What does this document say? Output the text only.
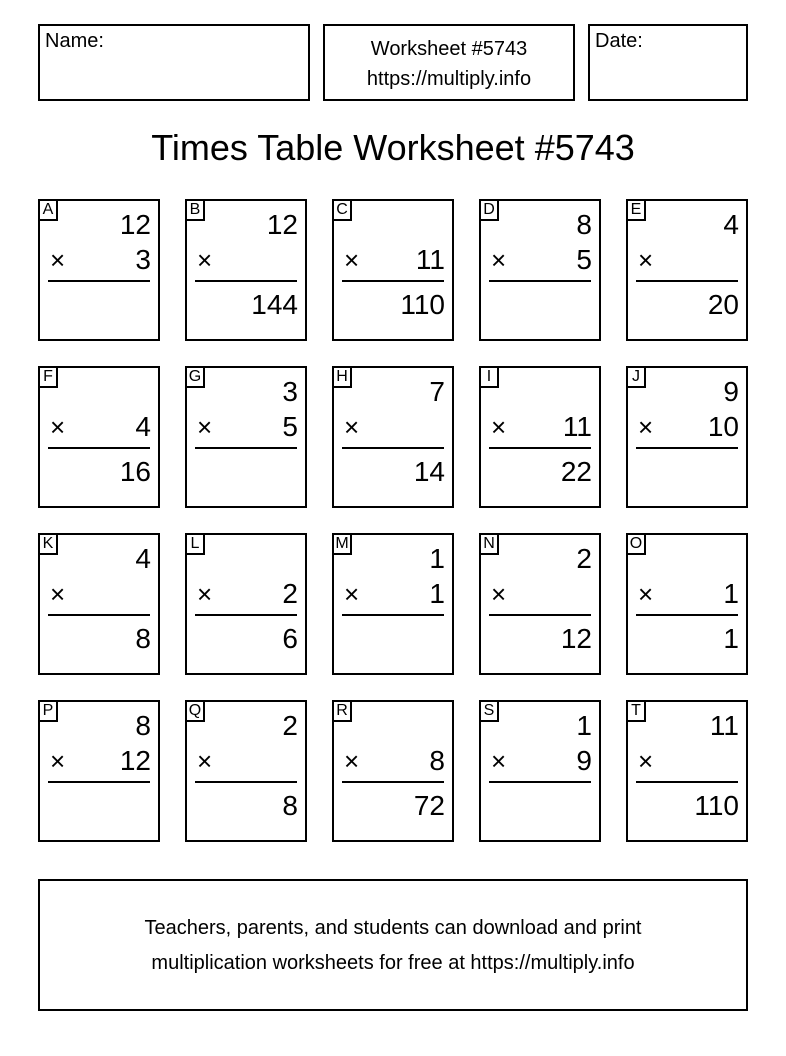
Name:	Worksheet #5743
https://multiply.info
Date:
Times Table Worksheet #5743
A 12
×	3
B 12
×
144
C
× 11
110
D	8
×	5
E	4
×
20
F
×	4
16
G	3
×	5
H	7
×
14
I
× 11
22
J	9
× 10
K	4
×
8
L
×	2
6
M	1
×	1
N	2
×
12
O
×	1
1
P	8
× 12
Q	2
×
8
R
×	8
72
S	1
×	9
T 11
×
110
Teachers, parents, and students can download and print
multiplication worksheets for free at https://multiply.info
